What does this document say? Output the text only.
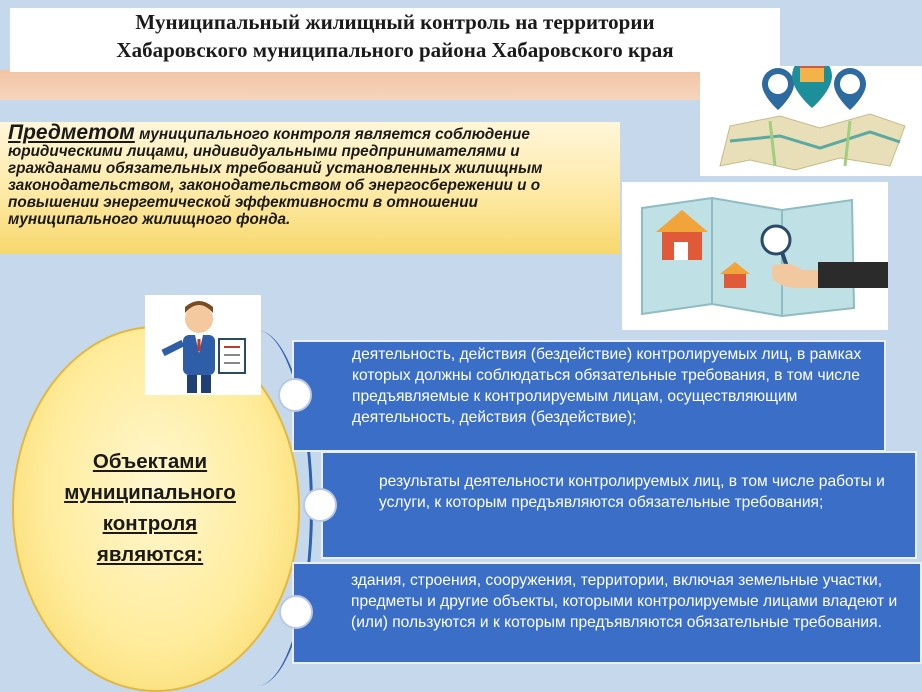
Муниципальный жилищный контроль на территории
Хабаровского муниципального района Хабаровского края
Предметом муниципального контроля является соблюдение юридическими лицами, индивидуальными предпринимателями и гражданами обязательных требований установленных жилищным законодательством, законодательством об энергосбережении и о повышении энергетической эффективности в отношении муниципального жилищного фонда.
Объектами
муниципального
контроля
являются:
деятельность, действия (бездействие) контролируемых лиц, в рамках которых должны соблюдаться обязательные требования, в том числе предъявляемые к контролируемым лицам, осуществляющим деятельность, действия (бездействие);
результаты деятельности контролируемых лиц, в том числе работы и услуги, к которым предъявляются обязательные требования;
здания, строения, сооружения, территории, включая земельные участки, предметы и другие объекты, которыми контролируемые лицами владеют и (или) пользуются и к которым предъявляются обязательные требования.
